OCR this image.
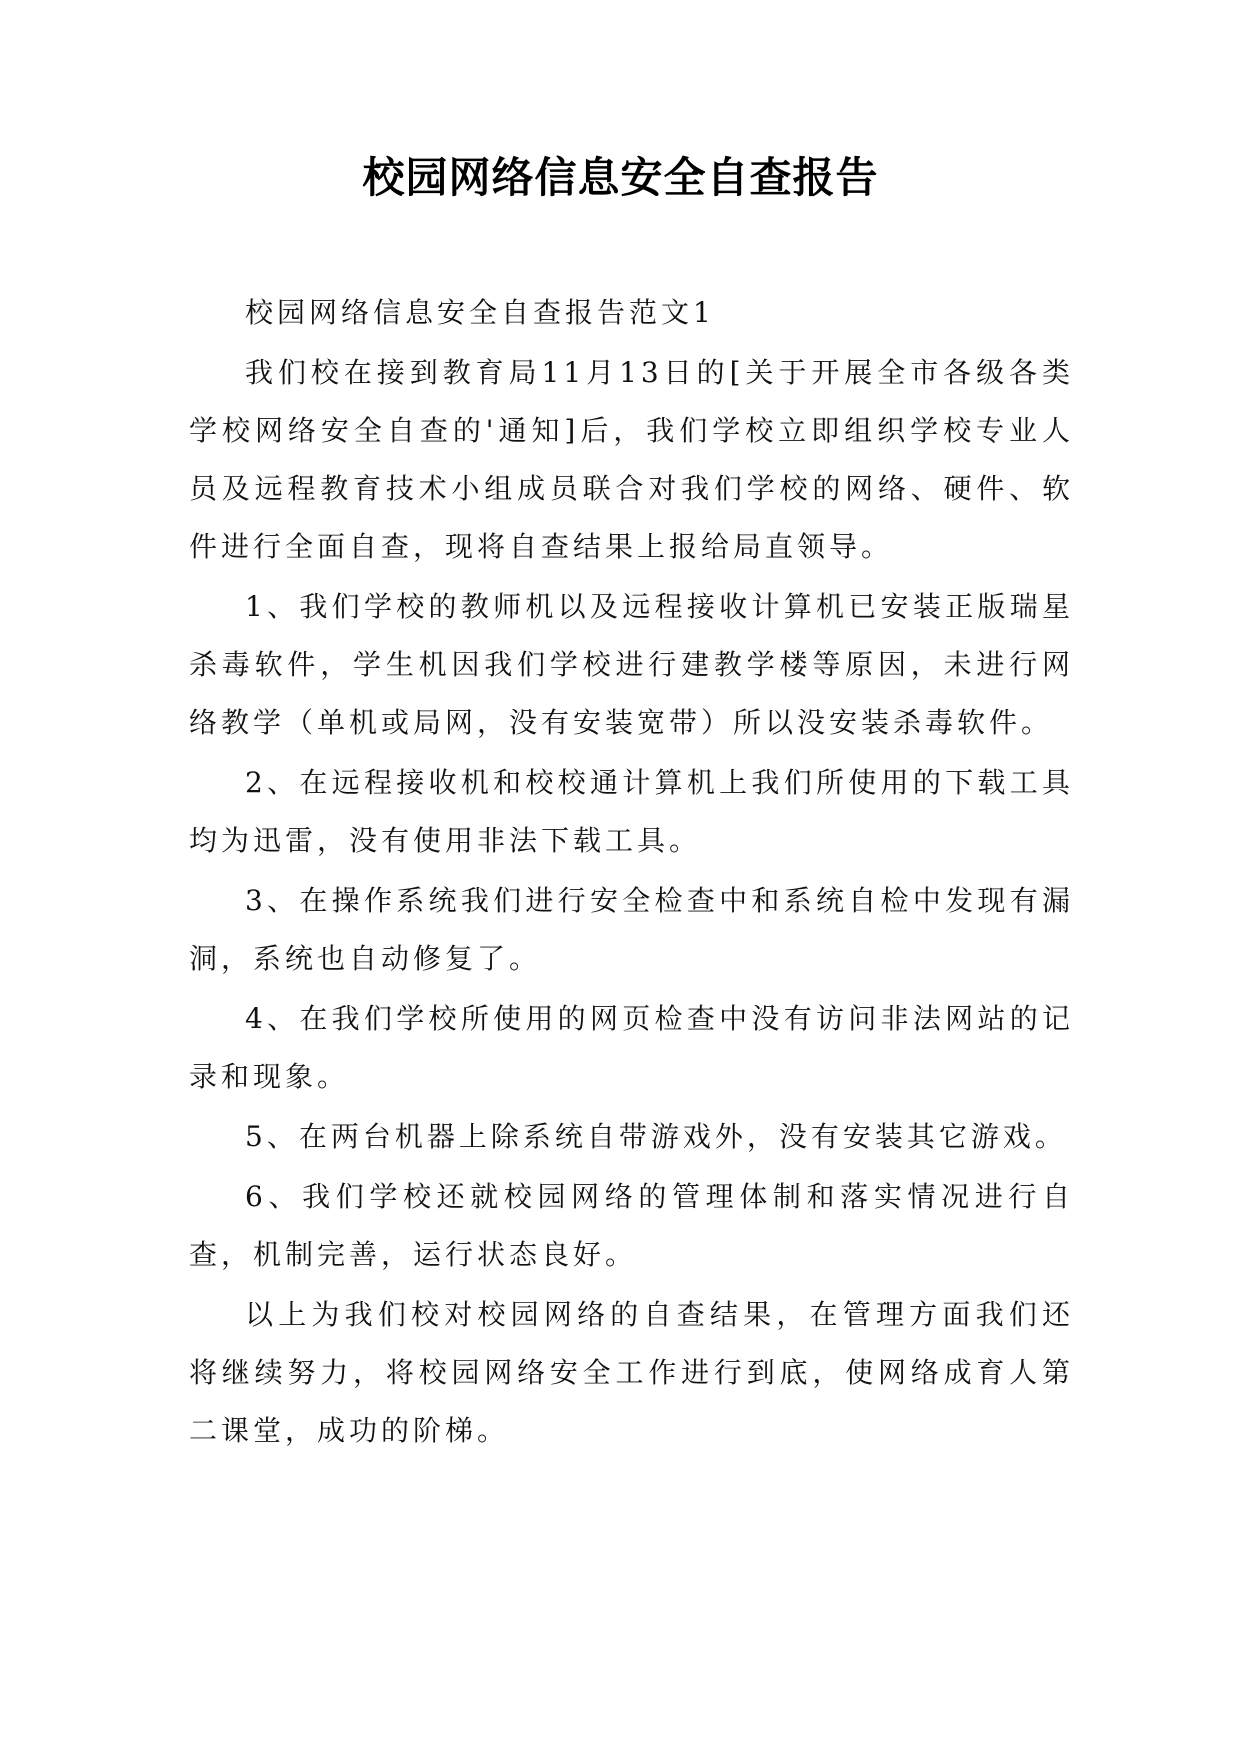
校园网络信息安全自查报告

校园网络信息安全自查报告范文1

我们校在接到教育局11月13日的[关于开展全市各级各类学校网络安全自查的'通知]后，我们学校立即组织学校专业人员及远程教育技术小组成员联合对我们学校的网络、硬件、软件进行全面自查，现将自查结果上报给局直领导。

1、我们学校的教师机以及远程接收计算机已安装正版瑞星杀毒软件，学生机因我们学校进行建教学楼等原因，未进行网络教学（单机或局网，没有安装宽带）所以没安装杀毒软件。

2、在远程接收机和校校通计算机上我们所使用的下载工具均为迅雷，没有使用非法下载工具。

3、在操作系统我们进行安全检查中和系统自检中发现有漏洞，系统也自动修复了。

4、在我们学校所使用的网页检查中没有访问非法网站的记录和现象。

5、在两台机器上除系统自带游戏外，没有安装其它游戏。

6、我们学校还就校园网络的管理体制和落实情况进行自查，机制完善，运行状态良好。

以上为我们校对校园网络的自查结果，在管理方面我们还将继续努力，将校园网络安全工作进行到底，使网络成育人第二课堂，成功的阶梯。
